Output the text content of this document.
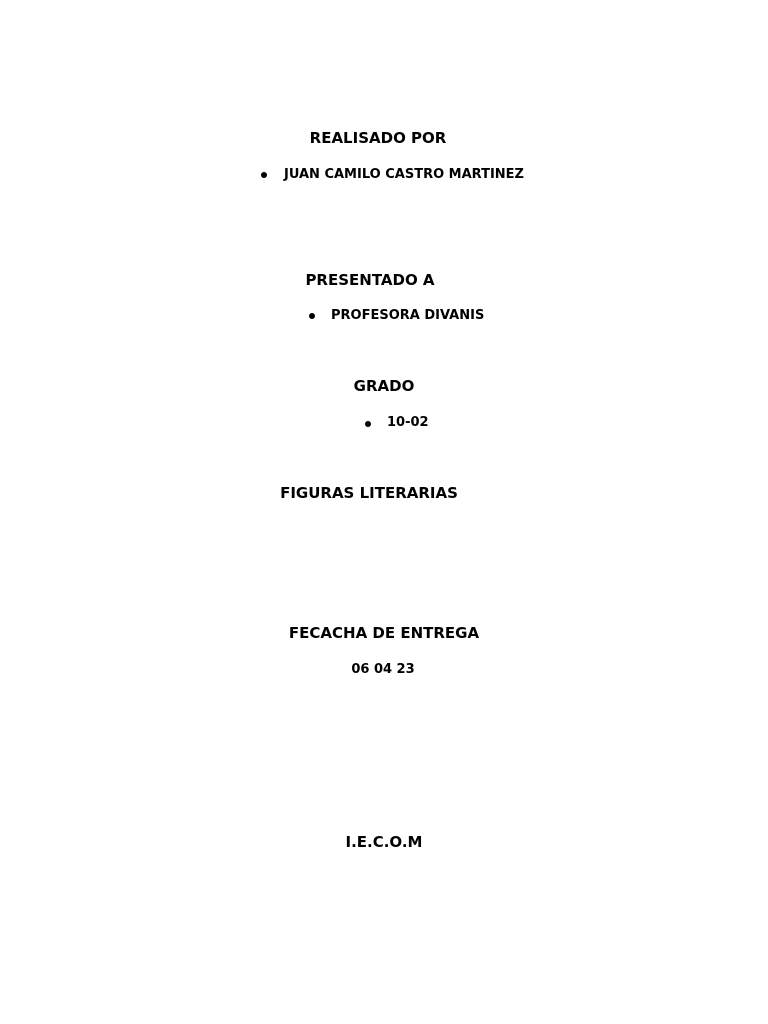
REALISADO POR
JUAN CAMILO CASTRO MARTINEZ
PRESENTADO A
PROFESORA DIVANIS
GRADO
10-02
FIGURAS LITERARIAS
FECACHA DE ENTREGA
06 04 23
I.E.C.O.M
